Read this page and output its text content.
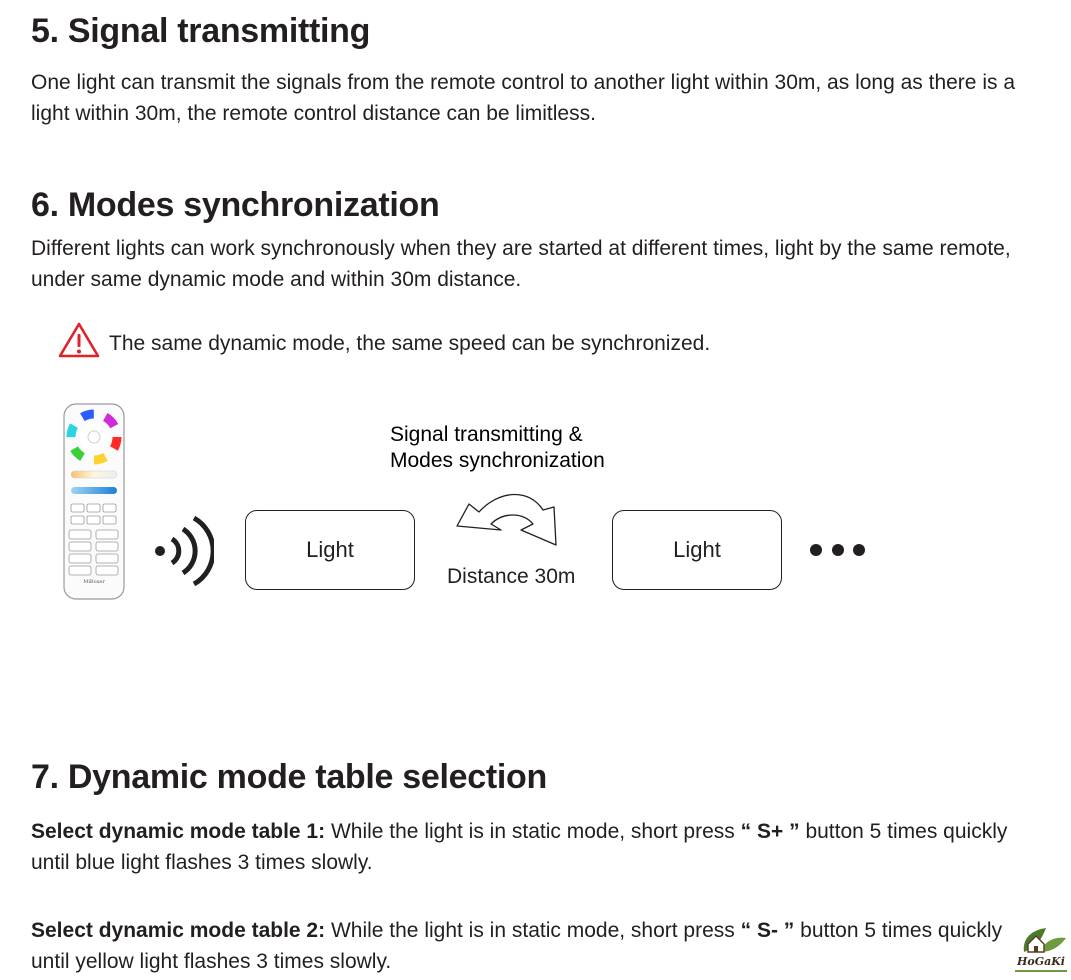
5. Signal transmitting
One light can transmit the signals from the remote control to another light within 30m, as long as there is a light within 30m, the remote control distance can be limitless.
6. Modes synchronization
Different lights can work synchronously when they are started at different times, light by the same remote, under same dynamic mode and within 30m distance.
The same dynamic mode, the same speed can be synchronized.
MiBoxer
Light
Signal transmitting &
Modes synchronization
Distance 30m
Light
7. Dynamic mode table selection
Select dynamic mode table 1: While the light is in static mode, short press “ S+ ” button 5 times quickly until blue light flashes 3 times slowly.
Select dynamic mode table 2: While the light is in static mode, short press “ S- ” button 5 times quickly until yellow light flashes 3 times slowly.	HoGaKi
